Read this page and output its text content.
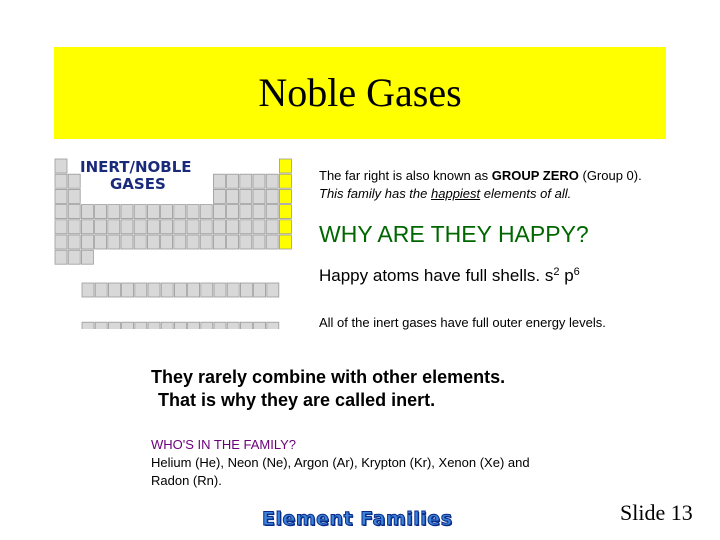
Noble Gases
INERT/NOBLE
GASES	The far right is also known as GROUP ZERO (Group 0).
This family has the happiest elements of all.
WHY ARE THEY HAPPY?
Happy atoms have full shells. $s^2$ $p^6$
All of the inert gases have full outer energy levels.
They rarely combine with other elements.
That is why they are called inert.
WHO'S IN THE FAMILY?
Helium (He), Neon (Ne), Argon (Ar), Krypton (Kr), Xenon (Xe) and Radon (Rn).
Element Families	Slide 13
